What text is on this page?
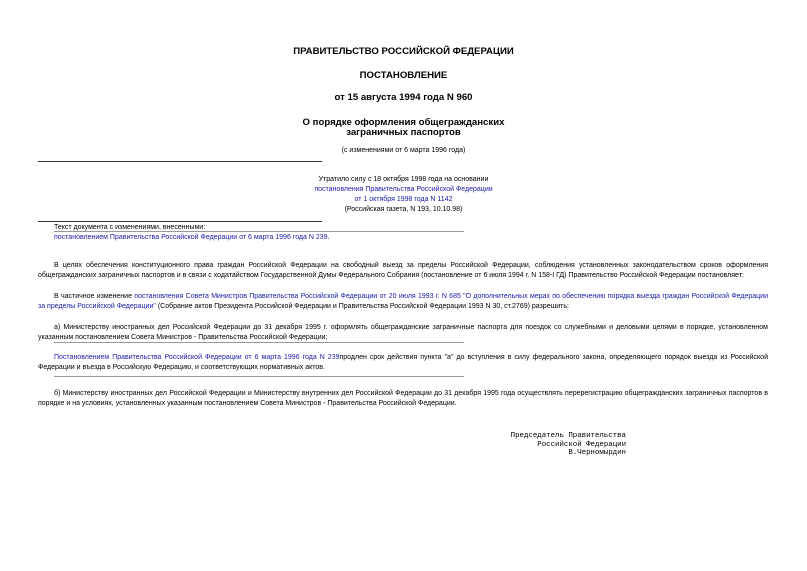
ПРАВИТЕЛЬСТВО РОССИЙСКОЙ ФЕДЕРАЦИИ
ПОСТАНОВЛЕНИЕ
от 15 августа 1994 года N 960
О порядке оформления общегражданских
заграничных паспортов
(с изменениями от 6 марта 1996 года)
Утратило силу с 18 октября 1998 года на основании
постановления Правительства Российской Федерации
от 1 октября 1998 года N 1142
(Российская газета, N 193, 10.10.98)
Текст документа с изменениями, внесенными:
постановлением Правительства Российской Федерации от 6 марта 1996 года N 239.
В целях обеспечения конституционного права граждан Российской Федерации на свободный выезд за пределы Российской Федерации, соблюдения установленных законодательством сроков оформления общегражданских заграничных паспортов и в связи с ходатайством Государственной Думы Федерального Собрания (постановление от 6 июля 1994 г. N 158-I ГД) Правительство Российской Федерации постановляет:
В частичное изменение постановления Совета Министров Правительства Российской Федерации от 20 июля 1993 г. N 685 "О дополнительных мерах по обеспечению порядка выезда граждан Российской Федерации за пределы Российской Федерации" (Собрание актов Президента Российской Федерации и Правительства Российской Федерации 1993 N 30, ст.2769) разрешить:
а) Министерству иностранных дел Российской Федерации до 31 декабря 1995 г. оформлять общегражданские заграничные паспорта для поездок со служебными и деловыми целями в порядке, установленном указанным постановлением Совета Министров - Правительства Российской Федерации;
Постановлением Правительства Российской Федерации от 6 марта 1996 года N 239продлен срок действия пункта "а" до вступления в силу федерального закона, определяющего порядок выезда из Российской Федерации и въезда в Российскую Федерацию, и соответствующих нормативных актов.
б) Министерству иностранных дел Российской Федерации и Министерству внутренних дел Российской Федерации до 31 декабря 1995 года осуществлять перерегистрацию общегражданских заграничных паспортов в порядке и на условиях, установленных указанным постановлением Совета Министров - Правительства Российской Федерации.
Председатель Правительства
Российской Федерации
В.Черномырдин
